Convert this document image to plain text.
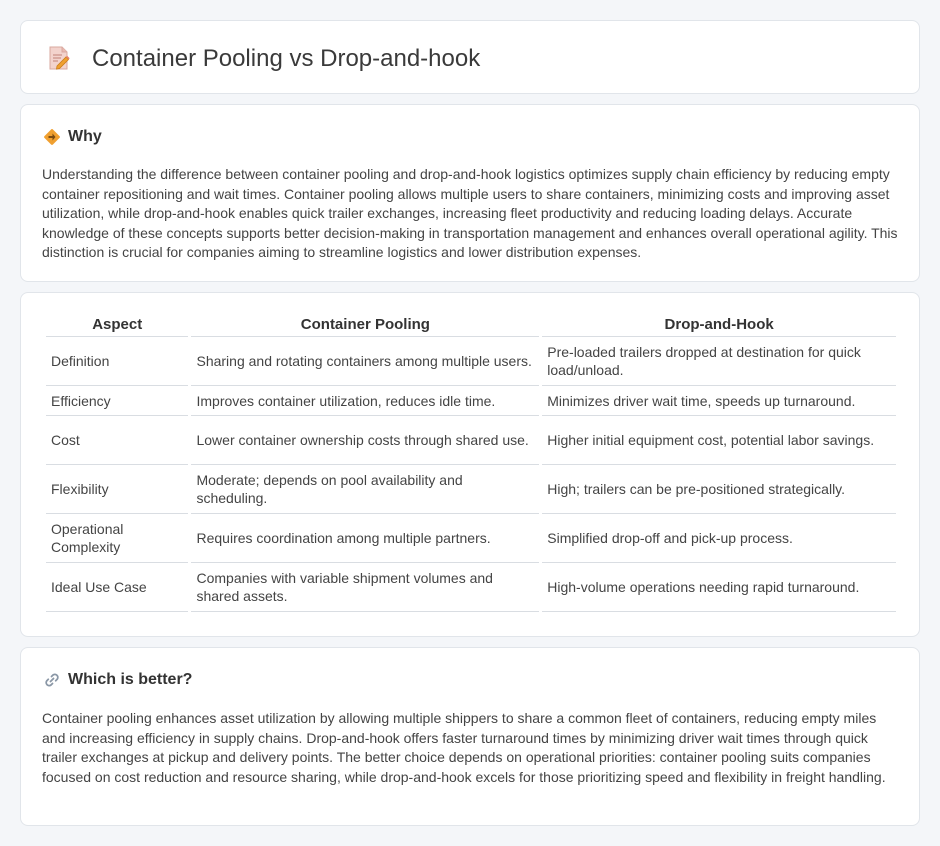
Container Pooling vs Drop-and-hook
Why

Understanding the difference between container pooling and drop-and-hook logistics optimizes supply chain efficiency by reducing empty container repositioning and wait times. Container pooling allows multiple users to share containers, minimizing costs and improving asset utilization, while drop-and-hook enables quick trailer exchanges, increasing fleet productivity and reducing loading delays. Accurate knowledge of these concepts supports better decision-making in transportation management and enhances overall operational agility. This distinction is crucial for companies aiming to streamline logistics and lower distribution expenses.

Aspect	Container Pooling	Drop-and-Hook
Definition	Sharing and rotating containers among multiple users.	Pre-loaded trailers dropped at destination for quick load/unload.
Efficiency	Improves container utilization, reduces idle time.	Minimizes driver wait time, speeds up turnaround.
Cost	Lower container ownership costs through shared use.	Higher initial equipment cost, potential labor savings.
Flexibility	Moderate; depends on pool availability and scheduling.	High; trailers can be pre-positioned strategically.
Operational Complexity	Requires coordination among multiple partners.	Simplified drop-off and pick-up process.
Ideal Use Case	Companies with variable shipment volumes and shared assets.	High-volume operations needing rapid turnaround.
Which is better?

Container pooling enhances asset utilization by allowing multiple shippers to share a common fleet of containers, reducing empty miles and increasing efficiency in supply chains. Drop-and-hook offers faster turnaround times by minimizing driver wait times through quick trailer exchanges at pickup and delivery points. The better choice depends on operational priorities: container pooling suits companies focused on cost reduction and resource sharing, while drop-and-hook excels for those prioritizing speed and flexibility in freight handling.
